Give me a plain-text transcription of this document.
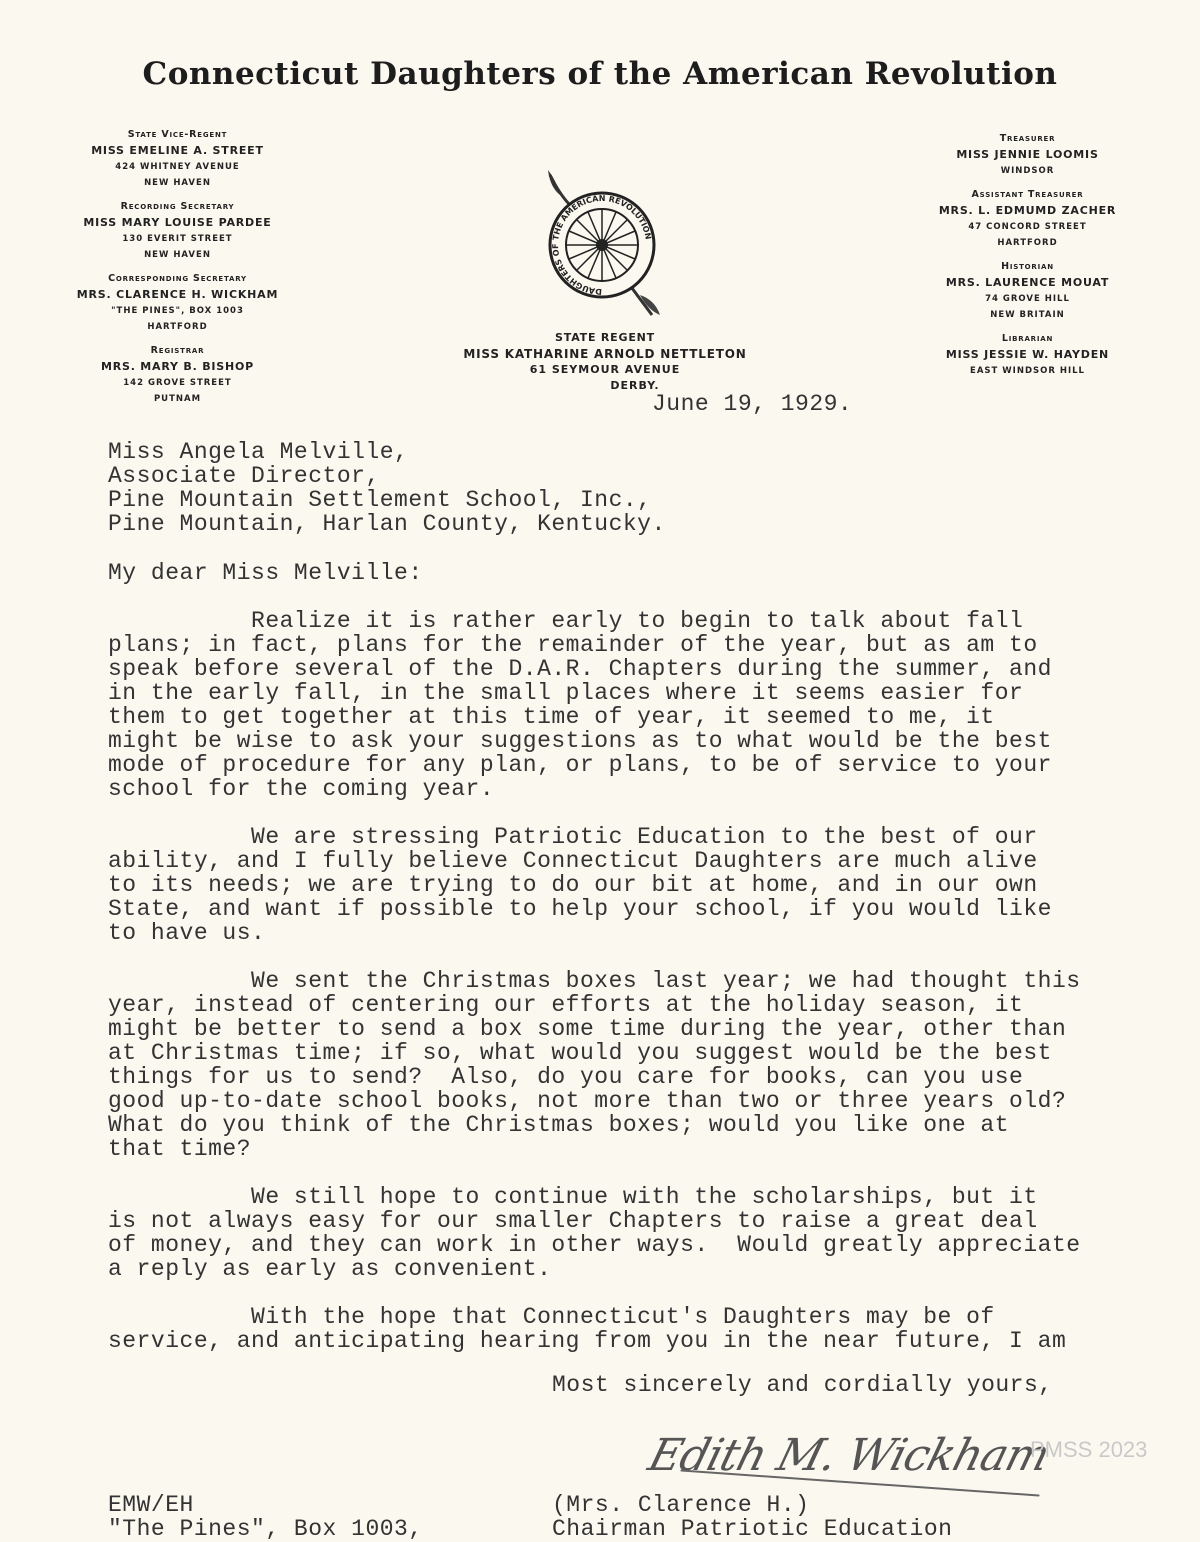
Connecticut Daughters of the American Revolution
State Vice-Regent
MISS EMELINE A. STREET
424 WHITNEY AVENUE
NEW HAVEN
Recording Secretary
MISS MARY LOUISE PARDEE
130 EVERIT STREET
NEW HAVEN
Corresponding Secretary
MRS. CLARENCE H. WICKHAM
"THE PINES", BOX 1003
HARTFORD
Registrar
MRS. MARY B. BISHOP
142 GROVE STREET
PUTNAM
Treasurer
MISS JENNIE LOOMIS
WINDSOR
Assistant Treasurer
MRS. L. EDMUMD ZACHER
47 CONCORD STREET
HARTFORD
Historian
MRS. LAURENCE MOUAT
74 GROVE HILL
NEW BRITAIN
Librarian
MISS JESSIE W. HAYDEN
EAST WINDSOR HILL
DAUGHTERS OF THE AMERICAN REVOLUTION
STATE REGENT
MISS KATHARINE ARNOLD NETTLETON
61 SEYMOUR AVENUE
DERBY.
June 19, 1929.
Miss Angela Melville,
Associate Director,
Pine Mountain Settlement School, Inc.,
Pine Mountain, Harlan County, Kentucky.
My dear Miss Melville:
Realize it is rather early to begin to talk about fall
plans; in fact, plans for the remainder of the year, but as am to
speak before several of the D.A.R. Chapters during the summer, and
in the early fall, in the small places where it seems easier for
them to get together at this time of year, it seemed to me, it
might be wise to ask your suggestions as to what would be the best
mode of procedure for any plan, or plans, to be of service to your
school for the coming year.
We are stressing Patriotic Education to the best of our
ability, and I fully believe Connecticut Daughters are much alive
to its needs; we are trying to do our bit at home, and in our own
State, and want if possible to help your school, if you would like
to have us.
We sent the Christmas boxes last year; we had thought this
year, instead of centering our efforts at the holiday season, it
might be better to send a box some time during the year, other than
at Christmas time; if so, what would you suggest would be the best
things for us to send?  Also, do you care for books, can you use
good up-to-date school books, not more than two or three years old?
What do you think of the Christmas boxes; would you like one at
that time?
We still hope to continue with the scholarships, but it
is not always easy for our smaller Chapters to raise a great deal
of money, and they can work in other ways.  Would greatly appreciate
a reply as early as convenient.
With the hope that Connecticut's Daughters may be of
service, and anticipating hearing from you in the near future, I am
Most sincerely and cordially yours,
Edith M. Wickham
PMSS 2023
EMW/EH
"The Pines", Box 1003,
(Mrs. Clarence H.)
Chairman Patriotic Education
